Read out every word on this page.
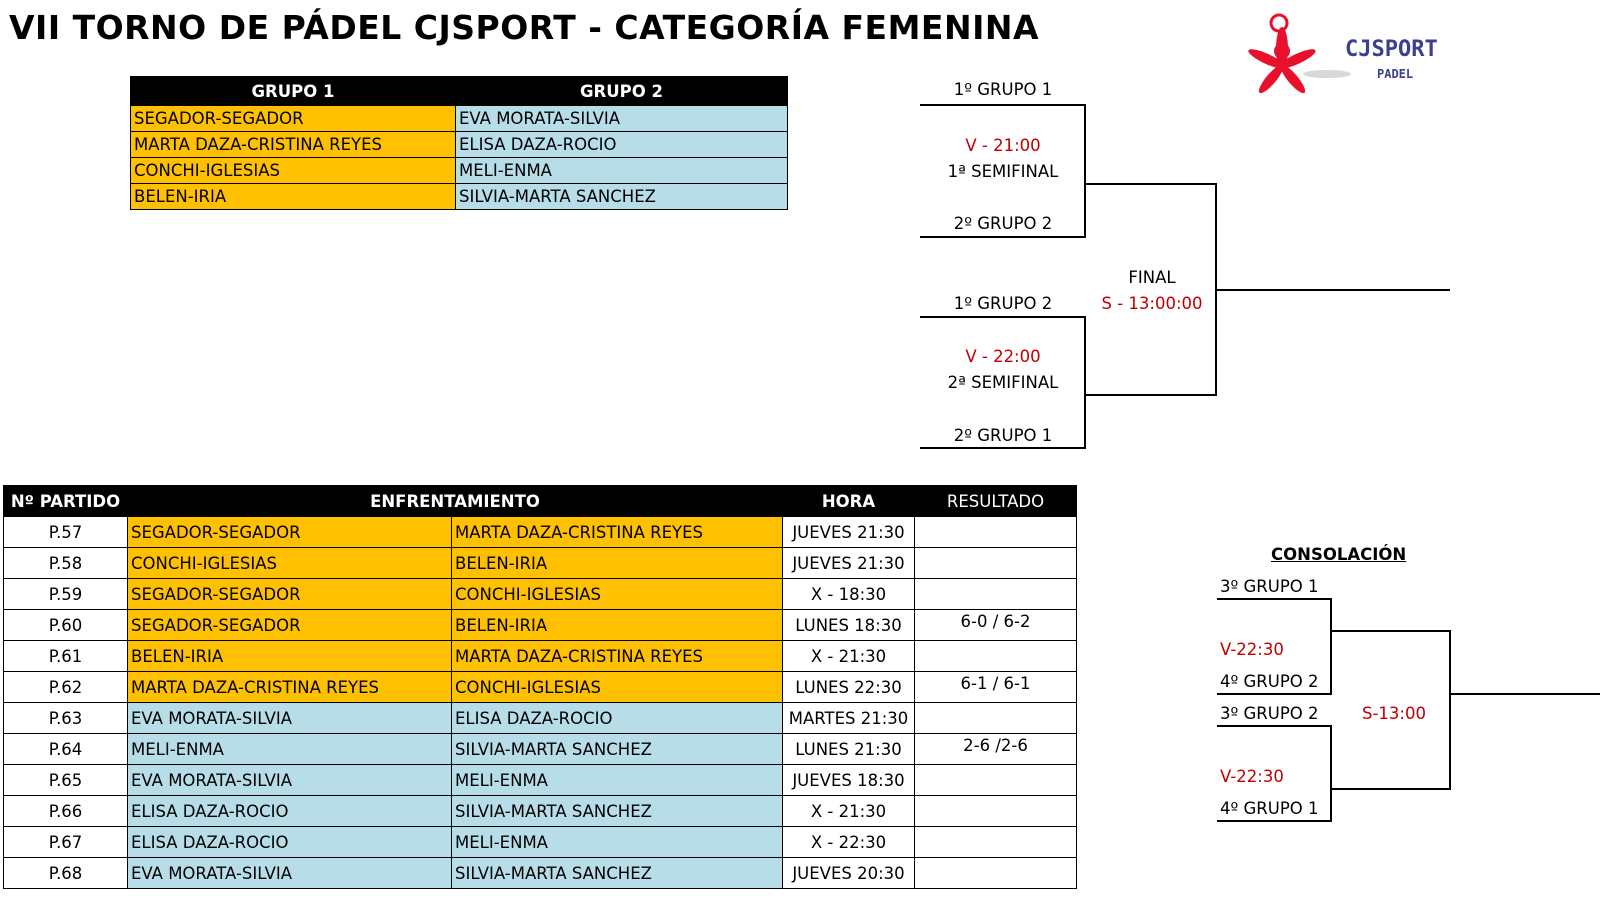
VII TORNO DE PÁDEL CJSPORT - CATEGORÍA FEMENINA
CJSPORT
PADEL
GRUPO 1	GRUPO 2
SEGADOR-SEGADOR	EVA MORATA-SILVIA
MARTA DAZA-CRISTINA REYES	ELISA DAZA-ROCIO
CONCHI-IGLESIAS	MELI-ENMA
BELEN-IRIA	SILVIA-MARTA SANCHEZ
1º GRUPO 1
V - 21:00
1ª SEMIFINAL
2º GRUPO 2
1º GRUPO 2
V - 22:00
2ª SEMIFINAL
2º GRUPO 1
FINAL
S - 13:00:00
Nº PARTIDO	ENFRENTAMIENTO		HORA	RESULTADO
P.57	SEGADOR-SEGADOR	MARTA DAZA-CRISTINA REYES	JUEVES 21:30	
P.58	CONCHI-IGLESIAS	BELEN-IRIA	JUEVES 21:30	
P.59	SEGADOR-SEGADOR	CONCHI-IGLESIAS	X - 18:30	
P.60	SEGADOR-SEGADOR	BELEN-IRIA	LUNES 18:30	6-0 / 6-2
P.61	BELEN-IRIA	MARTA DAZA-CRISTINA REYES	X - 21:30	
P.62	MARTA DAZA-CRISTINA REYES	CONCHI-IGLESIAS	LUNES 22:30	6-1 / 6-1
P.63	EVA MORATA-SILVIA	ELISA DAZA-ROCIO	MARTES 21:30	
P.64	MELI-ENMA	SILVIA-MARTA SANCHEZ	LUNES 21:30	2-6 /2-6
P.65	EVA MORATA-SILVIA	MELI-ENMA	JUEVES 18:30	
P.66	ELISA DAZA-ROCIO	SILVIA-MARTA SANCHEZ	X - 21:30	
P.67	ELISA DAZA-ROCIO	MELI-ENMA	X - 22:30	
P.68	EVA MORATA-SILVIA	SILVIA-MARTA SANCHEZ	JUEVES 20:30	
CONSOLACIÓN
3º GRUPO 1
V-22:30
4º GRUPO 2
3º GRUPO 2
V-22:30
4º GRUPO 1
S-13:00
